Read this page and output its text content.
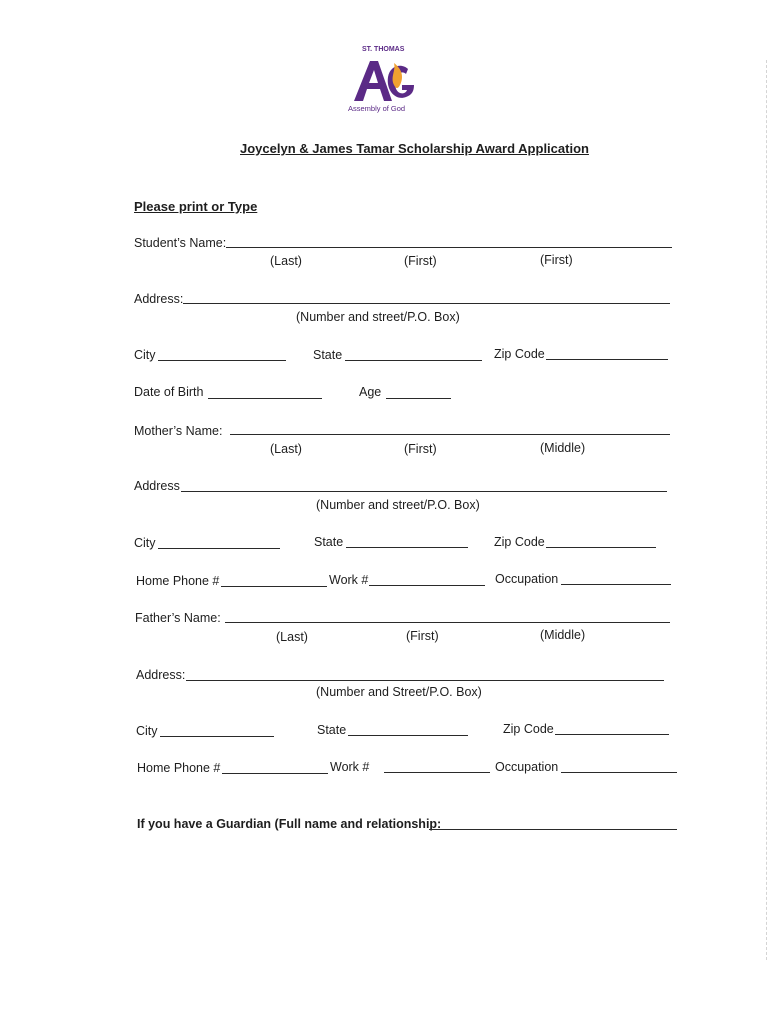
ST. THOMAS
Assembly of God
Joycelyn & James Tamar Scholarship Award Application
Please print or Type
Student’s Name:
(Last)	(First)	(First)
Address:
(Number and street/P.O. Box)
City	State	Zip Code
Date of Birth	Age
Mother’s Name:
(Last)	(First)	(Middle)
Address
(Number and street/P.O. Box)
City	State	Zip Code
Home Phone #	Work #	Occupation
Father’s Name:
(Last)	(First)	(Middle)
Address:
(Number and Street/P.O. Box)
City	State	Zip Code
Home Phone #	Work #	Occupation
If you have a Guardian (Full name and relationship:
